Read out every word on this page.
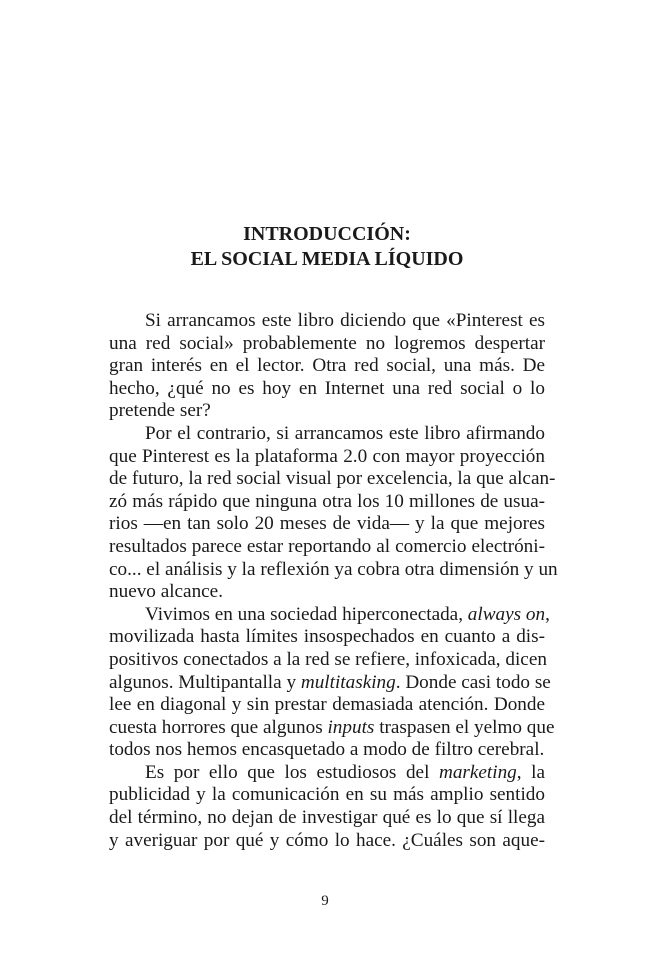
INTRODUCCIÓN:
EL SOCIAL MEDIA LÍQUIDO

Si arrancamos este libro diciendo que «Pinterest es
una red social» probablemente no logremos despertar
gran interés en el lector. Otra red social, una más. De
hecho, ¿qué no es hoy en Internet una red social o lo
pretende ser?

Por el contrario, si arrancamos este libro afirmando
que Pinterest es la plataforma 2.0 con mayor proyección
de futuro, la red social visual por excelencia, la que alcan-
zó más rápido que ninguna otra los 10 millones de usua-
rios —en tan solo 20 meses de vida— y la que mejores
resultados parece estar reportando al comercio electróni-
co... el análisis y la reflexión ya cobra otra dimensión y un
nuevo alcance.

Vivimos en una sociedad hiperconectada, always on,
movilizada hasta límites insospechados en cuanto a dis-
positivos conectados a la red se refiere, infoxicada, dicen
algunos. Multipantalla y multitasking. Donde casi todo se
lee en diagonal y sin prestar demasiada atención. Donde
cuesta horrores que algunos inputs traspasen el yelmo que
todos nos hemos encasquetado a modo de filtro cerebral.

Es por ello que los estudiosos del marketing, la
publicidad y la comunicación en su más amplio sentido
del término, no dejan de investigar qué es lo que sí llega
y averiguar por qué y cómo lo hace. ¿Cuáles son aque-

9
